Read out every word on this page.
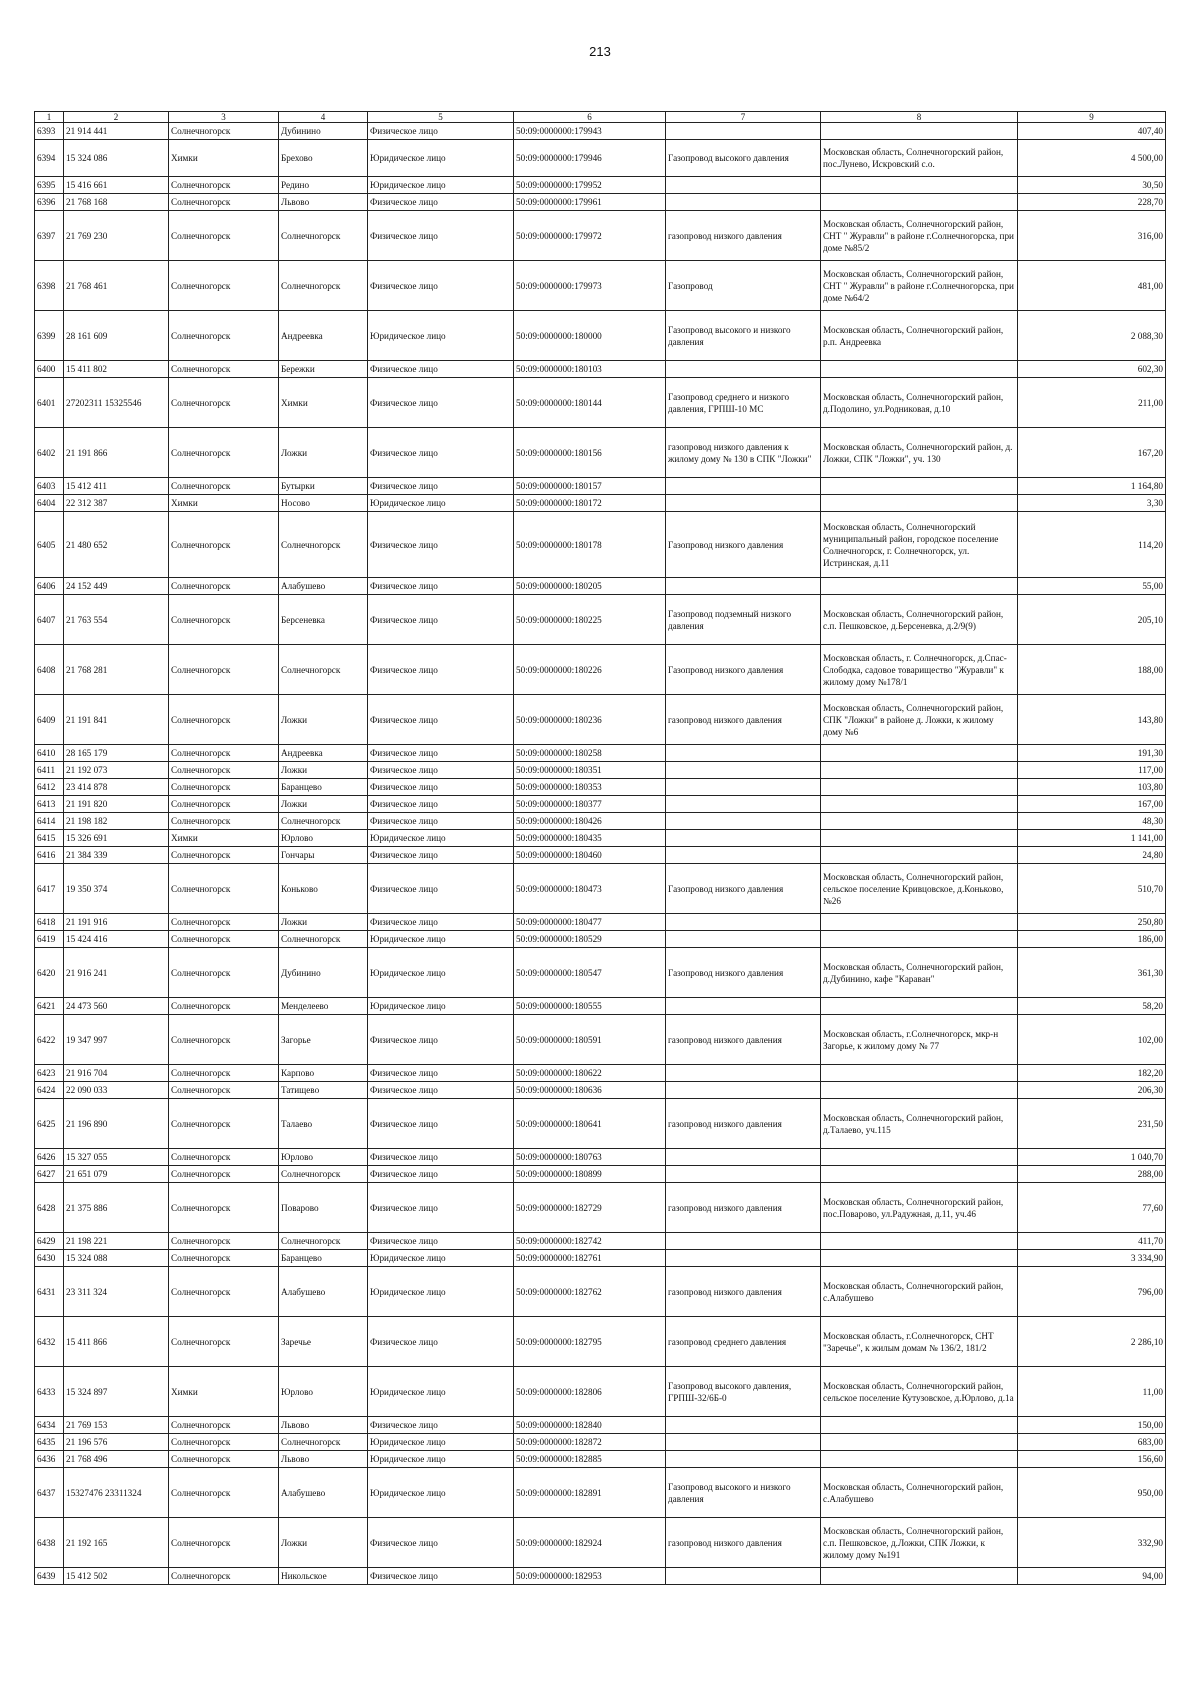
213
1	2	3	4	5	6	7	8	9
6393	21 914 441	Солнечногорск	Дубинино	Физическое лицо	50:09:0000000:179943			407,40
6394	15 324 086	Химки	Брехово	Юридическое лицо	50:09:0000000:179946	Газопровод высокого давления	Московская область, Солнечногорский район, пос.Лунево, Искровский с.о.	4 500,00
6395	15 416 661	Солнечногорск	Редино	Юридическое лицо	50:09:0000000:179952			30,50
6396	21 768 168	Солнечногорск	Львово	Физическое лицо	50:09:0000000:179961			228,70
6397	21 769 230	Солнечногорск	Солнечногорск	Физическое лицо	50:09:0000000:179972	газопровод низкого давления	Московская область, Солнечногорский район, СНТ " Журавли" в районе г.Солнечногорска, при доме №85/2	316,00
6398	21 768 461	Солнечногорск	Солнечногорск	Физическое лицо	50:09:0000000:179973	Газопровод	Московская область, Солнечногорский район, СНТ " Журавли" в районе г.Солнечногорска, при доме №64/2	481,00
6399	28 161 609	Солнечногорск	Андреевка	Юридическое лицо	50:09:0000000:180000	Газопровод высокого и низкого давления	Московская область, Солнечногорский район, р.п. Андреевка	2 088,30
6400	15 411 802	Солнечногорск	Бережки	Физическое лицо	50:09:0000000:180103			602,30
6401	27202311 15325546	Солнечногорск	Химки	Физическое лицо	50:09:0000000:180144	Газопровод среднего и низкого давления, ГРПШ-10 МС	Московская область, Солнечногорский район, д.Подолино, ул.Родниковая, д.10	211,00
6402	21 191 866	Солнечногорск	Ложки	Физическое лицо	50:09:0000000:180156	газопровод низкого давления к жилому дому № 130 в СПК "Ложки"	Московская область, Солнечногорский район, д. Ложки, СПК "Ложки", уч. 130	167,20
6403	15 412 411	Солнечногорск	Бутырки	Физическое лицо	50:09:0000000:180157			1 164,80
6404	22 312 387	Химки	Носово	Юридическое лицо	50:09:0000000:180172			3,30
6405	21 480 652	Солнечногорск	Солнечногорск	Физическое лицо	50:09:0000000:180178	Газопровод низкого давления	Московская область, Солнечногорский муниципальный район, городское поселение Солнечногорск, г. Солнечногорск, ул. Истринская, д.11	114,20
6406	24 152 449	Солнечногорск	Алабушево	Физическое лицо	50:09:0000000:180205			55,00
6407	21 763 554	Солнечногорск	Берсеневка	Физическое лицо	50:09:0000000:180225	Газопровод подземный низкого давления	Московская область, Солнечногорский район, с.п. Пешковское, д.Берсеневка, д.2/9(9)	205,10
6408	21 768 281	Солнечногорск	Солнечногорск	Физическое лицо	50:09:0000000:180226	Газопровод низкого давления	Московская область, г. Солнечногорск, д.Спас-Слободка, садовое товарищество "Журавли" к жилому дому №178/1	188,00
6409	21 191 841	Солнечногорск	Ложки	Физическое лицо	50:09:0000000:180236	газопровод низкого давления	Московская область, Солнечногорский район, СПК "Ложки" в районе д. Ложки, к жилому дому №6	143,80
6410	28 165 179	Солнечногорск	Андреевка	Физическое лицо	50:09:0000000:180258			191,30
6411	21 192 073	Солнечногорск	Ложки	Физическое лицо	50:09:0000000:180351			117,00
6412	23 414 878	Солнечногорск	Баранцево	Физическое лицо	50:09:0000000:180353			103,80
6413	21 191 820	Солнечногорск	Ложки	Физическое лицо	50:09:0000000:180377			167,00
6414	21 198 182	Солнечногорск	Солнечногорск	Физическое лицо	50:09:0000000:180426			48,30
6415	15 326 691	Химки	Юрлово	Юридическое лицо	50:09:0000000:180435			1 141,00
6416	21 384 339	Солнечногорск	Гончары	Физическое лицо	50:09:0000000:180460			24,80
6417	19 350 374	Солнечногорск	Коньково	Физическое лицо	50:09:0000000:180473	Газопровод низкого давления	Московская область, Солнечногорский район, сельское поселение Кривцовское, д.Коньково, №26	510,70
6418	21 191 916	Солнечногорск	Ложки	Физическое лицо	50:09:0000000:180477			250,80
6419	15 424 416	Солнечногорск	Солнечногорск	Юридическое лицо	50:09:0000000:180529			186,00
6420	21 916 241	Солнечногорск	Дубинино	Юридическое лицо	50:09:0000000:180547	Газопровод низкого давления	Московская область, Солнечногорский район, д.Дубинино, кафе "Караван"	361,30
6421	24 473 560	Солнечногорск	Менделеево	Юридическое лицо	50:09:0000000:180555			58,20
6422	19 347 997	Солнечногорск	Загорье	Физическое лицо	50:09:0000000:180591	газопровод низкого давления	Московская область, г.Солнечногорск, мкр-н Загорье, к жилому дому № 77	102,00
6423	21 916 704	Солнечногорск	Карпово	Физическое лицо	50:09:0000000:180622			182,20
6424	22 090 033	Солнечногорск	Татищево	Физическое лицо	50:09:0000000:180636			206,30
6425	21 196 890	Солнечногорск	Талаево	Физическое лицо	50:09:0000000:180641	газопровод низкого давления	Московская область, Солнечногорский район, д.Талаево, уч.115	231,50
6426	15 327 055	Солнечногорск	Юрлово	Физическое лицо	50:09:0000000:180763			1 040,70
6427	21 651 079	Солнечногорск	Солнечногорск	Физическое лицо	50:09:0000000:180899			288,00
6428	21 375 886	Солнечногорск	Поварово	Физическое лицо	50:09:0000000:182729	газопровод низкого давления	Московская область, Солнечногорский район, пос.Поварово, ул.Радужная, д.11, уч.46	77,60
6429	21 198 221	Солнечногорск	Солнечногорск	Физическое лицо	50:09:0000000:182742			411,70
6430	15 324 088	Солнечногорск	Баранцево	Юридическое лицо	50:09:0000000:182761			3 334,90
6431	23 311 324	Солнечногорск	Алабушево	Юридическое лицо	50:09:0000000:182762	газопровод низкого давления	Московская область, Солнечногорский район, с.Алабушево	796,00
6432	15 411 866	Солнечногорск	Заречье	Физическое лицо	50:09:0000000:182795	газопровод среднего давления	Московская область, г.Солнечногорск, СНТ "Заречье", к жилым домам № 136/2, 181/2	2 286,10
6433	15 324 897	Химки	Юрлово	Юридическое лицо	50:09:0000000:182806	Газопровод высокого давления, ГРПШ-32/6Б-0	Московская область, Солнечногорский район, сельское поселение Кутузовское, д.Юрлово, д.1а	11,00
6434	21 769 153	Солнечногорск	Львово	Физическое лицо	50:09:0000000:182840			150,00
6435	21 196 576	Солнечногорск	Солнечногорск	Юридическое лицо	50:09:0000000:182872			683,00
6436	21 768 496	Солнечногорск	Львово	Юридическое лицо	50:09:0000000:182885			156,60
6437	15327476 23311324	Солнечногорск	Алабушево	Юридическое лицо	50:09:0000000:182891	Газопровод высокого и низкого давления	Московская область, Солнечногорский район, с.Алабушево	950,00
6438	21 192 165	Солнечногорск	Ложки	Физическое лицо	50:09:0000000:182924	газопровод низкого давления	Московская область, Солнечногорский район, с.п. Пешковское, д.Ложки, СПК Ложки, к жилому дому №191	332,90
6439	15 412 502	Солнечногорск	Никольское	Физическое лицо	50:09:0000000:182953			94,00
